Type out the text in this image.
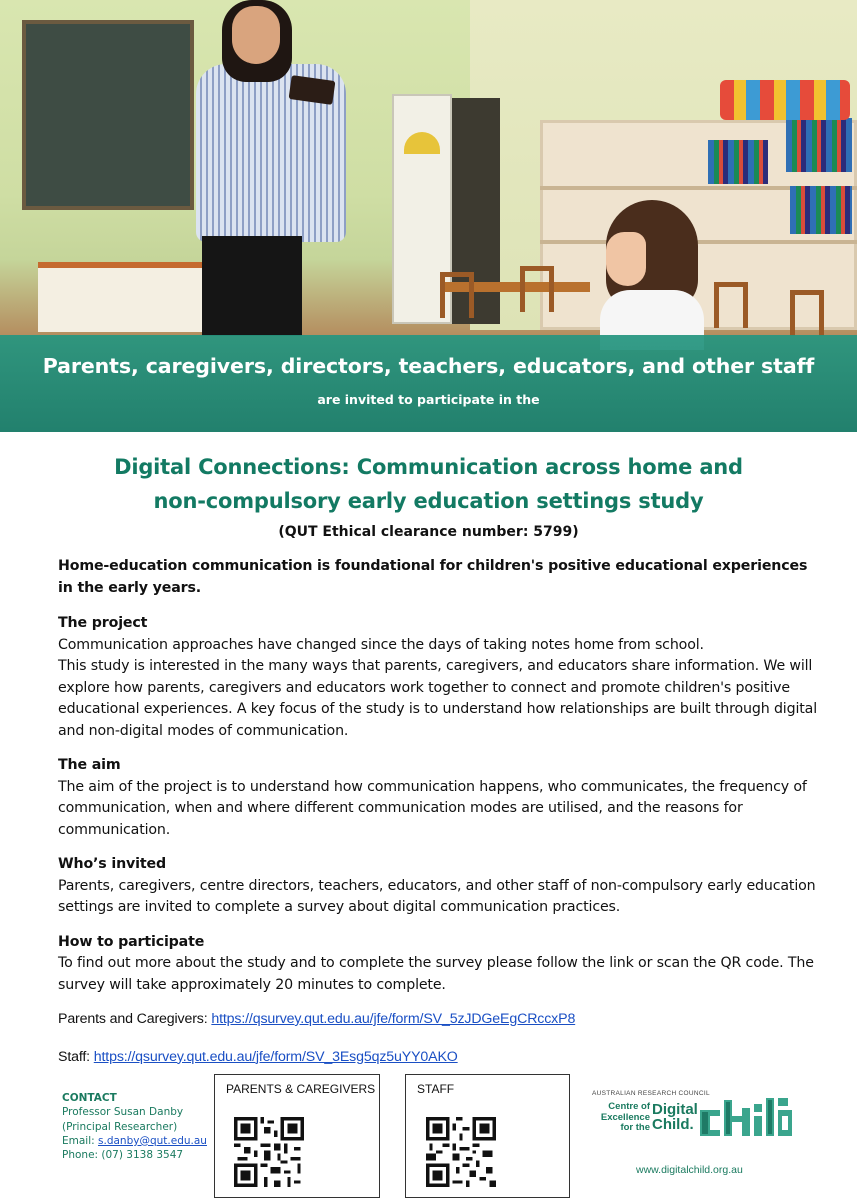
Parents, caregivers, directors, teachers, educators, and other staff

are invited to participate in the

Digital Connections: Communication across home and
non-compulsory early education settings study
(QUT Ethical clearance number: 5799)

Home-education communication is foundational for children's positive educational experiences in the early years.

The project

Communication approaches have changed since the days of taking notes home from school.

This study is interested in the many ways that parents, caregivers, and educators share information. We will explore how parents, caregivers and educators work together to connect and promote children's positive educational experiences. A key focus of the study is to understand how relationships are built through digital and non-digital modes of communication.

The aim

The aim of the project is to understand how communication happens, who communicates, the frequency of communication, when and where different communication modes are utilised, and the reasons for communication.

Who’s invited

Parents, caregivers, centre directors, teachers, educators, and other staff of non-compulsory early education settings are invited to complete a survey about digital communication practices.

How to participate

To find out more about the study and to complete the survey please follow the link or scan the QR code. The survey will take approximately 20 minutes to complete.

Parents and Caregivers: https://qsurvey.qut.edu.au/jfe/form/SV_5zJDGeEgCRccxP8

Staff: https://qsurvey.qut.edu.au/jfe/form/SV_3Esg5qz5uYY0AKO

CONTACT
Professor Susan Danby
(Principal Researcher)
Email: s.danby@qut.edu.au
Phone: (07) 3138 3547
PARENTS & CAREGIVERS	STAFF	AUSTRALIAN RESEARCH COUNCIL
Centre of
Excellence
for the
Digital
Child.
www.digitalchild.org.au
